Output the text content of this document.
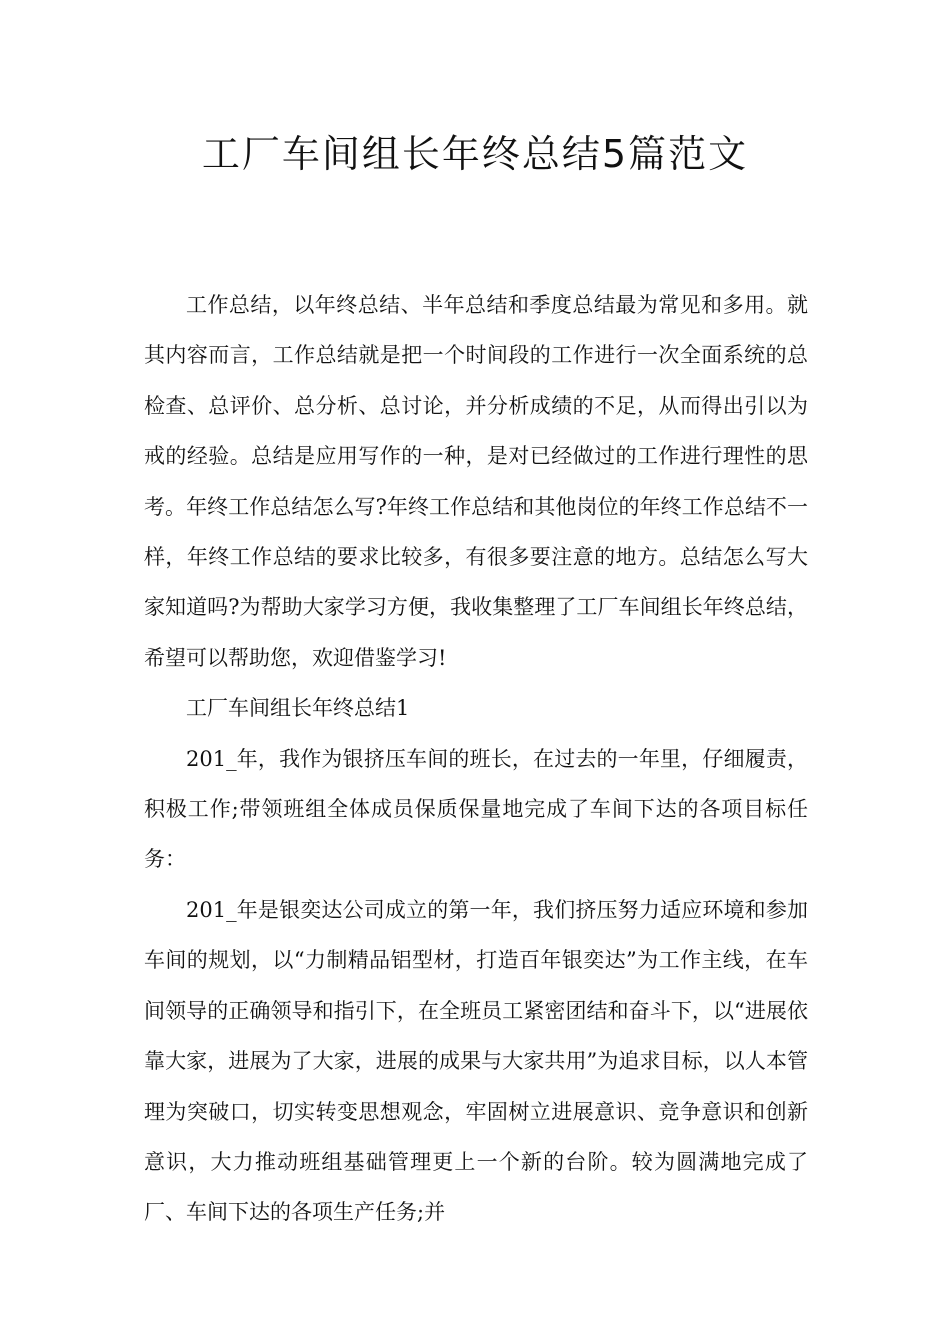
工厂车间组长年终总结5篇范文

工作总结，以年终总结、半年总结和季度总结最为常见和多用。就其内容而言，工作总结就是把一个时间段的工作进行一次全面系统的总检查、总评价、总分析、总讨论，并分析成绩的不足，从而得出引以为戒的经验。总结是应用写作的一种，是对已经做过的工作进行理性的思考。年终工作总结怎么写?年终工作总结和其他岗位的年终工作总结不一样，年终工作总结的要求比较多，有很多要注意的地方。总结怎么写大家知道吗?为帮助大家学习方便，我收集整理了工厂车间组长年终总结，希望可以帮助您，欢迎借鉴学习!

工厂车间组长年终总结1

201_年，我作为银挤压车间的班长，在过去的一年里，仔细履责，积极工作;带领班组全体成员保质保量地完成了车间下达的各项目标任务：

201_年是银奕达公司成立的第一年，我们挤压努力适应环境和参加车间的规划，以“力制精品铝型材，打造百年银奕达”为工作主线，在车间领导的正确领导和指引下，在全班员工紧密团结和奋斗下，以“进展依靠大家，进展为了大家，进展的成果与大家共用”为追求目标，以人本管理为突破口，切实转变思想观念，牢固树立进展意识、竞争意识和创新意识，大力推动班组基础管理更上一个新的台阶。较为圆满地完成了厂、车间下达的各项生产任务;并
